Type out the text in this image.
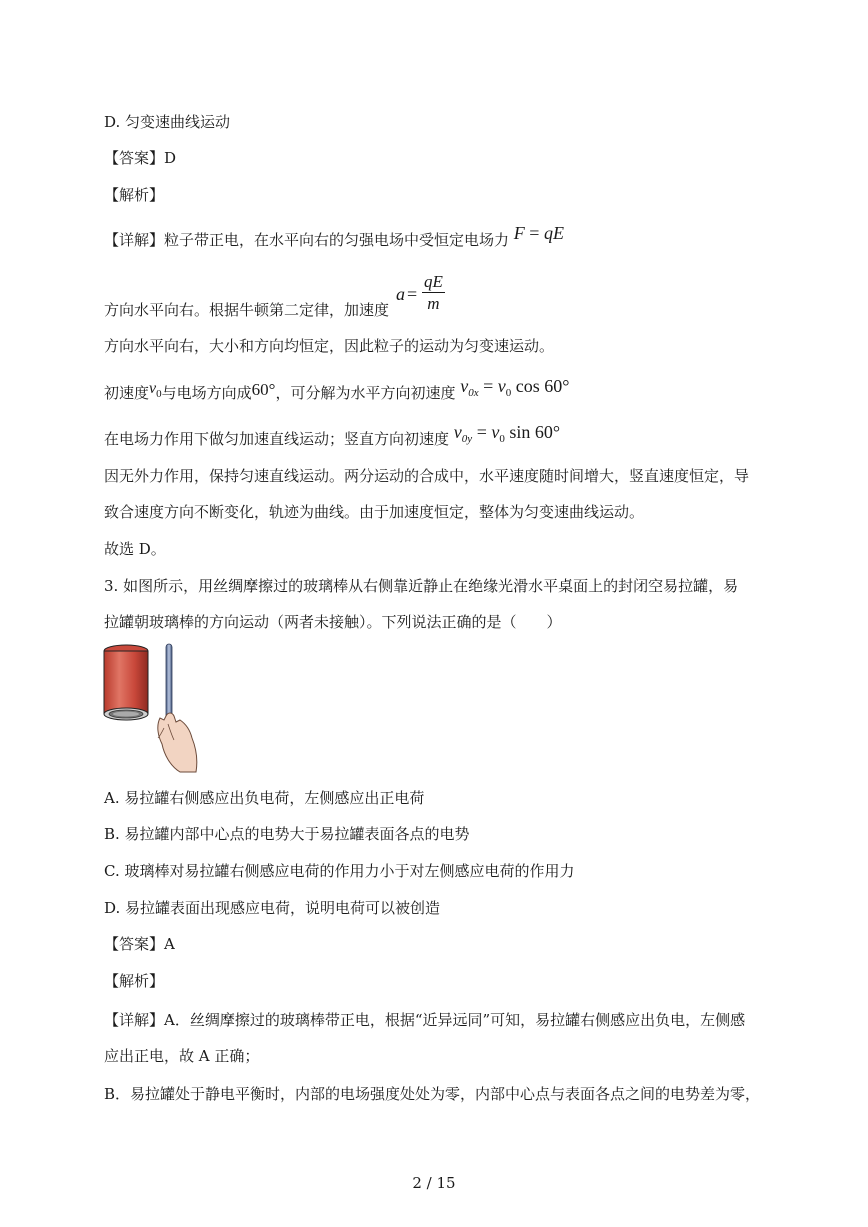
D. 匀变速曲线运动
【答案】D
【解析】
【详解】粒子带正电，在水平向右的匀强电场中受恒定电场力 F = qE
方向水平向右。根据牛顿第二定律，加速度
$a = \frac{qE}{m}$
方向水平向右，大小和方向均恒定，因此粒子的运动为匀变速运动。
初速度$v_0$与电场方向成60°，可分解为水平方向初速度 $v_{0x} = v_0$ cos 60°
在电场力作用下做匀加速直线运动；竖直方向初速度 $v_{0y} = v_0$ sin 60°
因无外力作用，保持匀速直线运动。两分运动的合成中，水平速度随时间增大，竖直速度恒定，导
致合速度方向不断变化，轨迹为曲线。由于加速度恒定，整体为匀变速曲线运动。
故选 D。
3. 如图所示，用丝绸摩擦过的玻璃棒从右侧靠近静止在绝缘光滑水平桌面上的封闭空易拉罐，易
拉罐朝玻璃棒的方向运动（两者未接触）。下列说法正确的是（　　）
A. 易拉罐右侧感应出负电荷，左侧感应出正电荷
B. 易拉罐内部中心点的电势大于易拉罐表面各点的电势
C. 玻璃棒对易拉罐右侧感应电荷的作用力小于对左侧感应电荷的作用力
D. 易拉罐表面出现感应电荷，说明电荷可以被创造
【答案】A
【解析】
【详解】A．丝绸摩擦过的玻璃棒带正电，根据“近异远同”可知，易拉罐右侧感应出负电，左侧感
应出正电，故 A 正确；
B．易拉罐处于静电平衡时，内部的电场强度处处为零，内部中心点与表面各点之间的电势差为零，
2 / 15
